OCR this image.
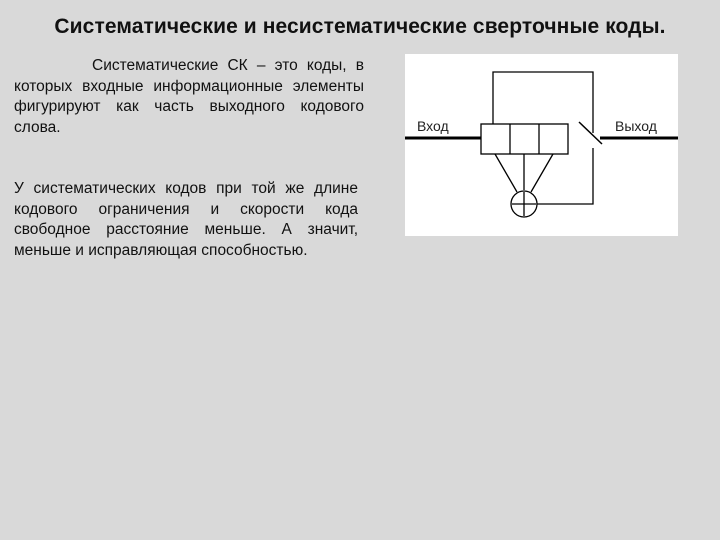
Систематические и несистематические сверточные коды.

Систематические СК – это коды, в которых входные информационные элементы фигурируют как часть выходного кодового слова.

У систематических кодов при той же длине кодового ограничения и скорости кода свободное расстояние меньше. А значит, меньше и исправляющая способностью.

Вход	Выход
